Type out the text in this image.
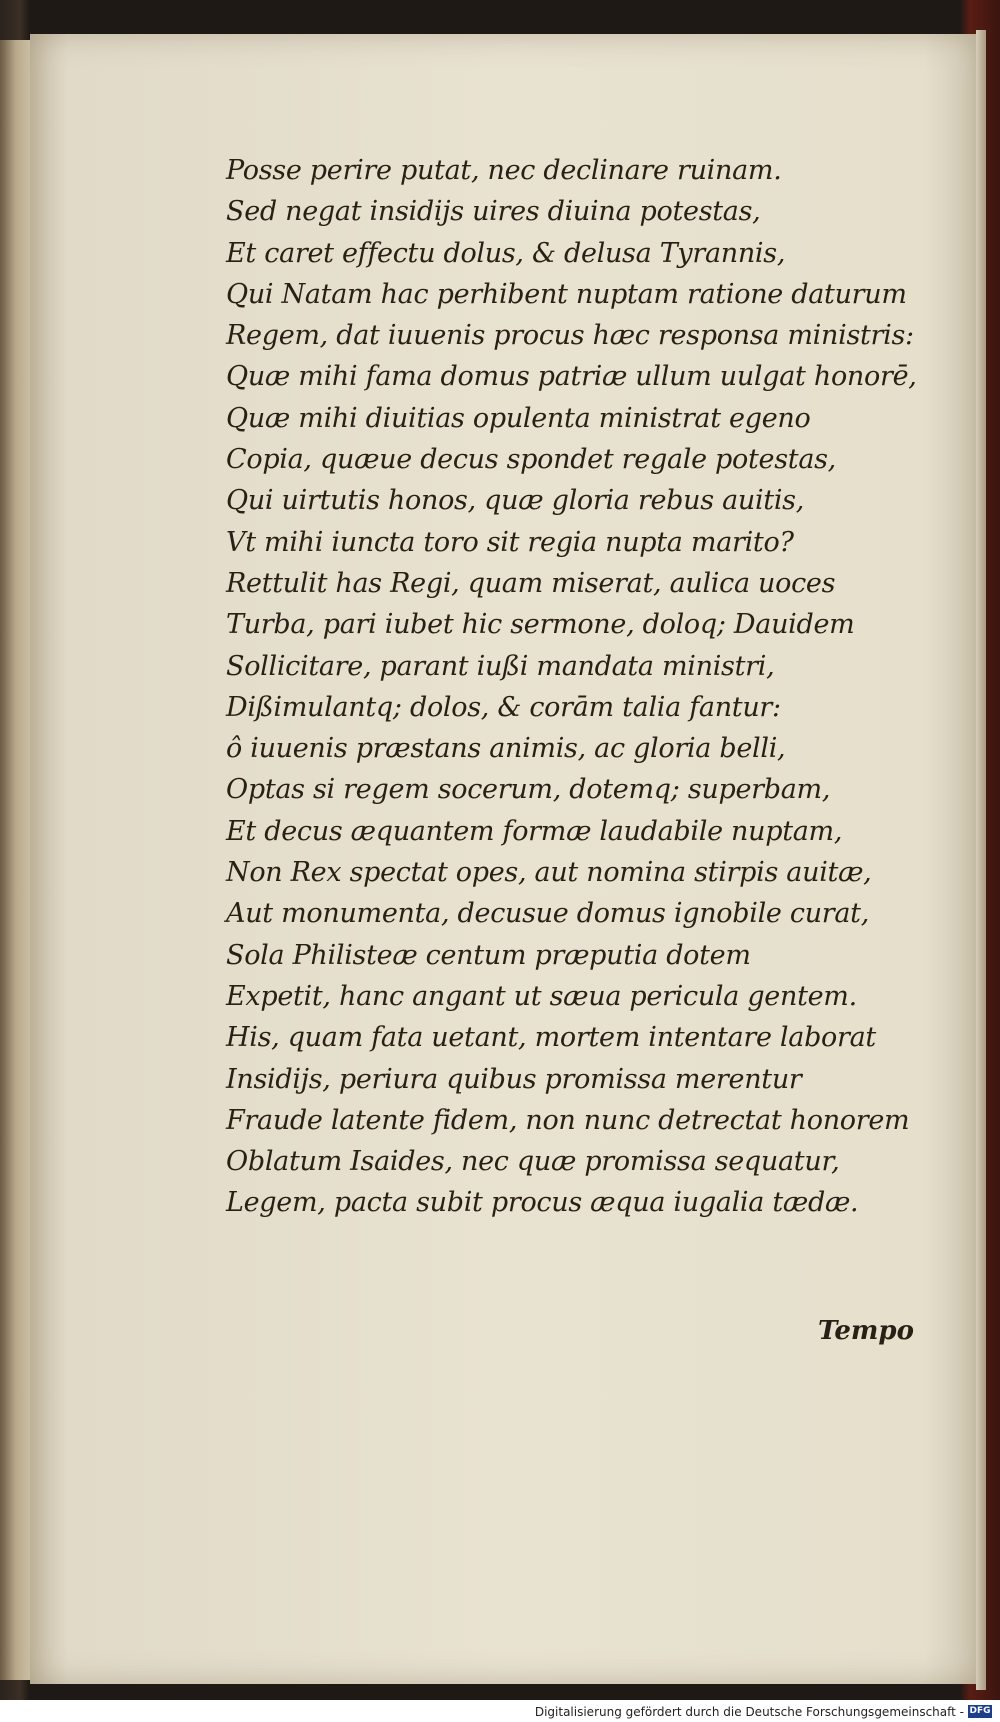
Posse perire putat, nec declinare ruinam.
Sed negat insidijs uires diuina potestas,
Et caret effectu dolus, & delusa Tyrannis,
Qui Natam hac perhibent nuptam ratione daturum
Regem, dat iuuenis procus hæc responsa ministris:
Quæ mihi fama domus patriæ ullum uulgat honorē,
Quæ mihi diuitias opulenta ministrat egeno
Copia, quæue decus spondet regale potestas,
Qui uirtutis honos, quæ gloria rebus auitis,
Vt mihi iuncta toro sit regia nupta marito?
Rettulit has Regi, quam miserat, aulica uoces
Turba, pari iubet hic sermone, doloq; Dauidem
Sollicitare, parant iußi mandata ministri,
Dißimulantq; dolos, & corām talia fantur:
ô iuuenis præstans animis, ac gloria belli,
Optas si regem socerum, dotemq; superbam,
Et decus æquantem formæ laudabile nuptam,
Non Rex spectat opes, aut nomina stirpis auitæ,
Aut monumenta, decusue domus ignobile curat,
Sola Philisteæ centum præputia dotem
Expetit, hanc angant ut sæua pericula gentem.
His, quam fata uetant, mortem intentare laborat
Insidijs, periura quibus promissa merentur
Fraude latente fidem, non nunc detrectat honorem
Oblatum Isaides, nec quæ promissa sequatur,
Legem, pacta subit procus æqua iugalia tædæ.
Tempo
Digitalisierung gefördert durch die Deutsche Forschungsgemeinschaft - DFG
